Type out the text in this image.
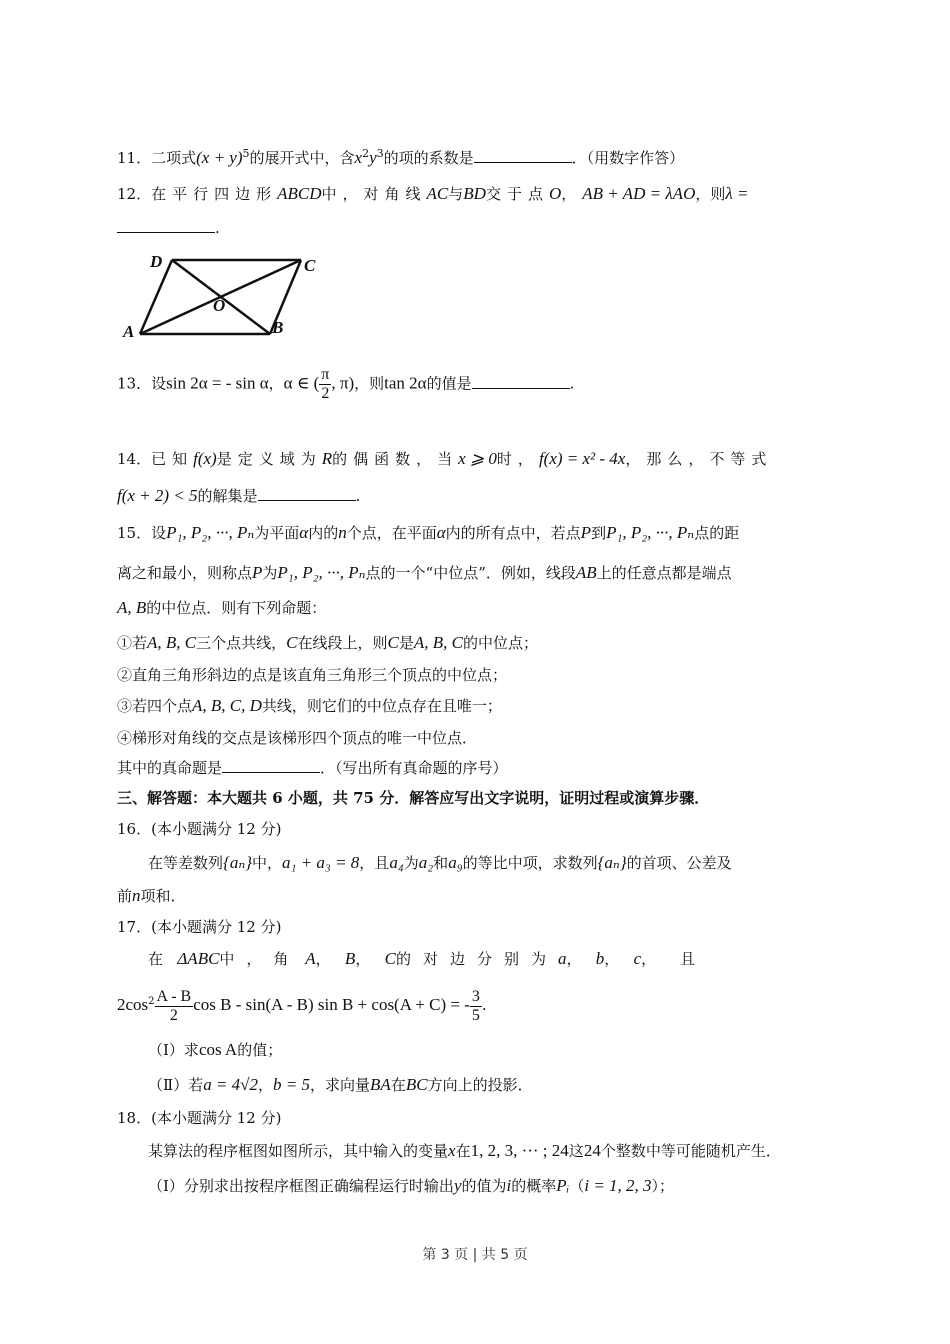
11．二项式$(x + y)^5$的展开式中，含$x^2y^3$的项的系数是	．（用数字作答）
12．在平行四边形ABCD中，对角线AC与BD交于点O， AB + AD = λAO，则λ =
.
D	C
A	B
O
13．设sin 2α = - sin α，α ∈ ( $\frac{\pi}{2}$ , π)，则tan 2α的值是	.
14．已知f(x)是定义域为R的偶函数，当x ⩾ 0时，f(x) = x² - 4x，那么，不等式
f(x + 2) < 5的解集是	.
15．设P₁, P₂, ···, Pₙ为平面α内的n个点，在平面α内的所有点中，若点P到P₁, P₂, ···, Pₙ点的距
离之和最小，则称点P为P₁, P₂, ···, Pₙ点的一个“中位点”．例如，线段AB上的任意点都是端点
A, B的中位点．则有下列命题：
①若A, B, C三个点共线，C在线段上，则C是A, B, C的中位点；
②直角三角形斜边的点是该直角三角形三个顶点的中位点；
③若四个点A, B, C, D共线，则它们的中位点存在且唯一；
④梯形对角线的交点是该梯形四个顶点的唯一中位点．
其中的真命题是	．（写出所有真命题的序号）
三、解答题：本大题共 6 小题，共 75 分．解答应写出文字说明，证明过程或演算步骤．
16．(本小题满分 12 分)
在等差数列{aₙ}中，a₁ + a₃ = 8，且a₄为a₂和a₉的等比中项，求数列{aₙ}的首项、公差及
前n项和．
17．(本小题满分 12 分)
在 ΔABC中，角 A，   B，   C的对边分别为a，   b，   c，     且
$2\cos^2 \frac{A - B}{2}$ cos B - sin(A - B) sin B + cos(A + C) = - $\frac{3}{5}$ .
（Ⅰ）求cos A的值；
（Ⅱ）若a = 4√2，b = 5，求向量BA在BC方向上的投影．
18．(本小题满分 12 分)
某算法的程序框图如图所示，其中输入的变量x在1, 2, 3, ··· ; 24这24个整数中等可能随机产生．
（Ⅰ）分别求出按程序框图正确编程运行时输出y的值为i的概率Pᵢ（i = 1, 2, 3）；
第 3 页 | 共 5 页
